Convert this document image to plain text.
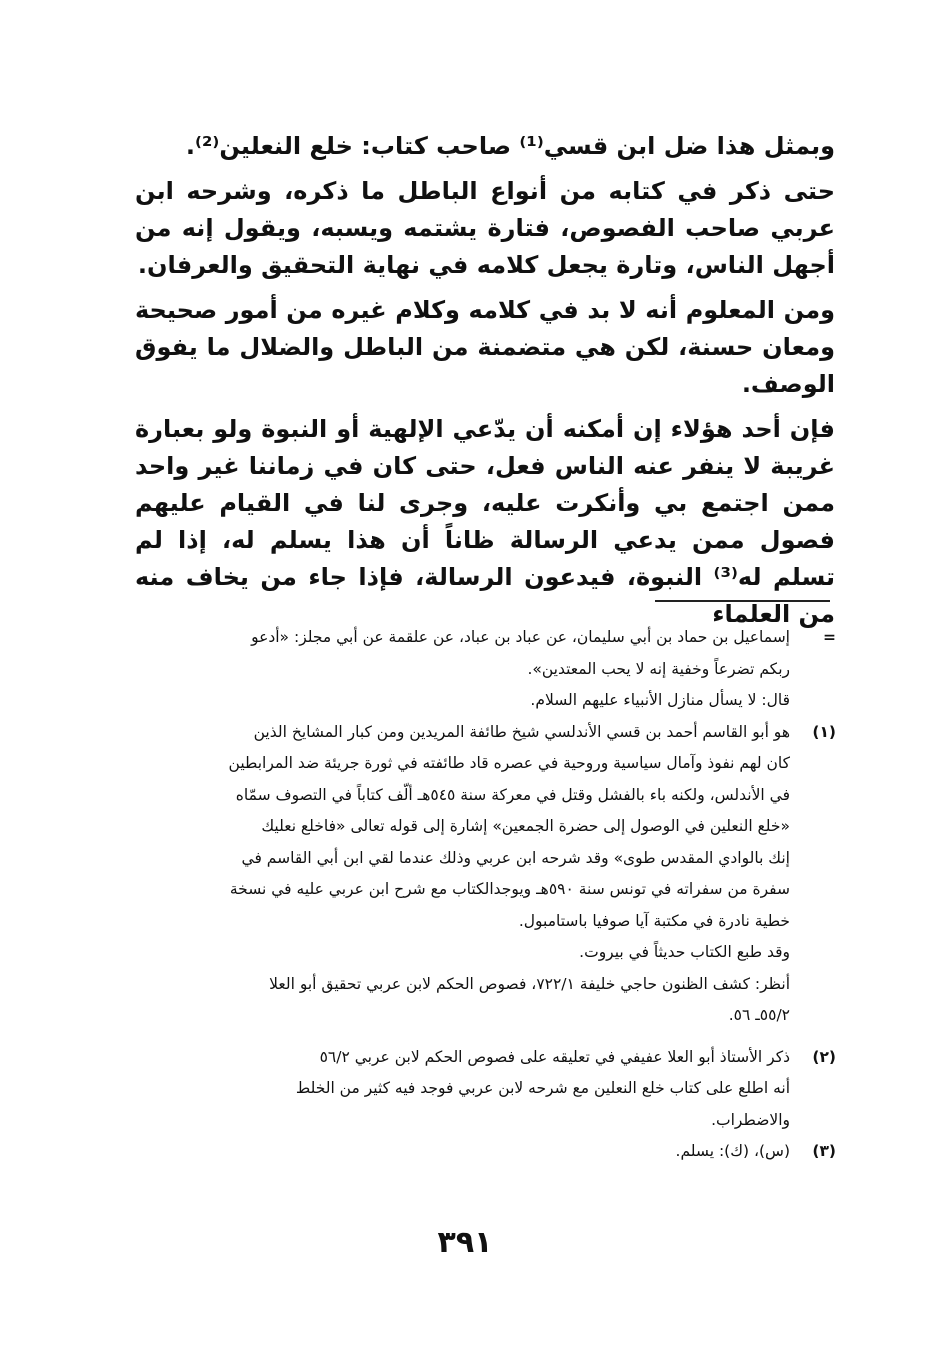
وبمثل هذا ضل ابن قسي⁽¹⁾ صاحب كتاب: خلع النعلين⁽²⁾.

حتى ذكر في كتابه من أنواع الباطل ما ذكره، وشرحه ابن عربي صاحب الفصوص، فتارة يشتمه ويسبه، ويقول إنه من أجهل الناس، وتارة يجعل كلامه في نهاية التحقيق والعرفان.

ومن المعلوم أنه لا بد في كلامه وكلام غيره من أمور صحيحة ومعان حسنة، لكن هي متضمنة من الباطل والضلال ما يفوق الوصف.

فإن أحد هؤلاء إن أمكنه أن يدّعي الإلهية أو النبوة ولو بعبارة غريبة لا ينفر عنه الناس فعل، حتى كان في زماننا غير واحد ممن اجتمع بي وأنكرت عليه، وجرى لنا في القيام عليهم فصول ممن يدعي الرسالة ظاناً أن هذا يسلم له، إذا لم تسلم له⁽³⁾ النبوة، فيدعون الرسالة، فإذا جاء من يخاف منه من العلماء

=
إسماعيل بن حماد بن أبي سليمان، عن عباد بن عباد، عن علقمة عن أبي مجلز: «أدعو
ربكم تضرعاً وخفية إنه لا يحب المعتدين».
قال: لا يسأل منازل الأنبياء عليهم السلام.
(١)
هو أبو القاسم أحمد بن قسي الأندلسي شيخ طائفة المريدين ومن كبار المشايخ الذين
كان لهم نفوذ وآمال سياسية وروحية في عصره قاد طائفته في ثورة جريئة ضد المرابطين
في الأندلس، ولكنه باء بالفشل وقتل في معركة سنة ٥٤٥هـ ألّف كتاباً في التصوف سمّاه
«خلع النعلين في الوصول إلى حضرة الجمعين» إشارة إلى قوله تعالى «فاخلع نعليك
إنك بالوادي المقدس طوى» وقد شرحه ابن عربي وذلك عندما لقي ابن أبي القاسم في
سفرة من سفراته في تونس سنة ٥٩٠هـ ويوجدالكتاب مع شرح ابن عربي عليه في نسخة
خطية نادرة في مكتبة آيا صوفيا باستامبول.
وقد طبع الكتاب حديثاً في بيروت.
أنظر: كشف الظنون حاجي خليفة ٧٢٢/١، فصوص الحكم لابن عربي تحقيق أبو العلا
٥٥/٢ـ ٥٦.
(٢)
ذكر الأستاذ أبو العلا عفيفي في تعليقه على فصوص الحكم لابن عربي ٥٦/٢
أنه اطلع على كتاب خلع النعلين مع شرحه لابن عربي فوجد فيه كثير من الخلط
والاضطراب.
(٣)
(س)، (ك): يسلم.
٣٩١
